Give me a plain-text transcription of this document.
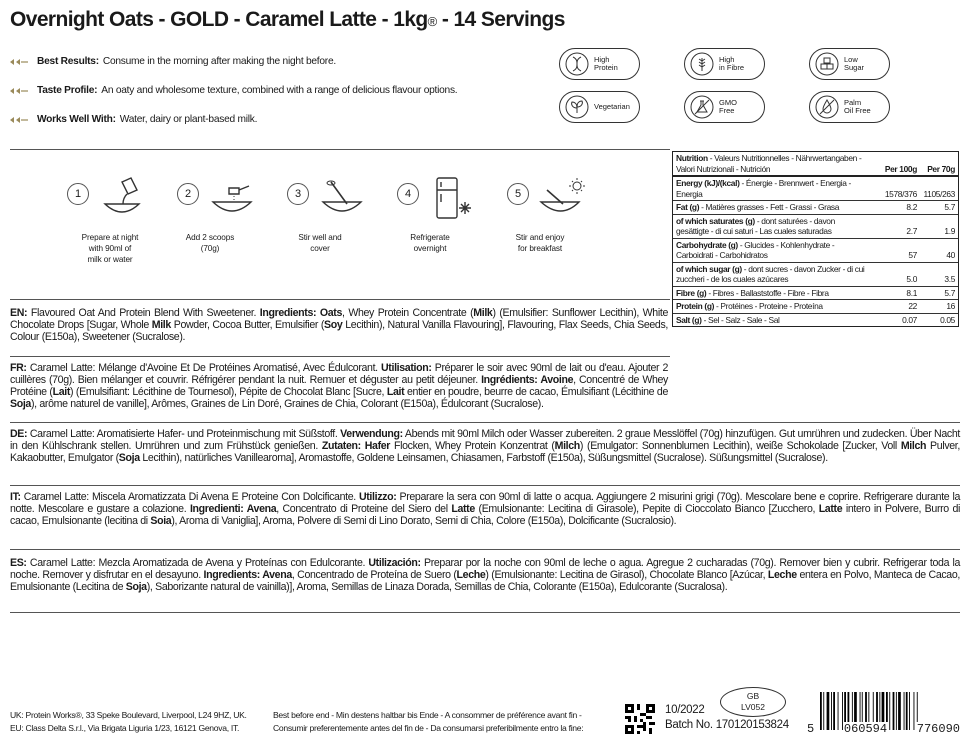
Overnight Oats - GOLD - Caramel Latte - 1kg® - 14 Servings
Best Results: Consume in the morning after making the night before.
Taste Profile: An oaty and wholesome texture, combined with a range of delicious flavour options.
Works Well With: Water, dairy or plant-based milk.
High
Protein
High
in Fibre
Low
Sugar
Vegetarian	GMO
Free
Palm
Oil Free
1
Prepare at night
with 90ml of
milk or water
2
Add 2 scoops
(70g)
3
Stir well and
cover
4
Refrigerate
overnight
5
Stir and enjoy
for breakfast
Nutrition - Valeurs Nutritionnelles - Nährwertangaben - Valori Nutrizionali - Nutrición	Per 100g	Per 70g
Energy (kJ)/(kcal) - Énergie - Brennwert - Energia - Energia	1578/376 1105/263
Fat (g) - Matières grasses - Fett - Grassi - Grasa	8.2	5.7
of which saturates (g) - dont saturées - davon gesättigte - di cui saturi - Las cuales saturadas	2.7	1.9
Carbohydrate (g) - Glucides - Kohlenhydrate - Carboidrati - Carbohidratos	57	40
of which sugar (g) - dont sucres - davon Zucker - di cui zuccheri - de los cuales azúcares	5.0	3.5
Fibre (g) - Fibres - Ballaststoffe - Fibre - Fibra	8.1	5.7
Protein (g) - Protéines - Proteine - Proteína	22	16
Salt (g) - Sel - Salz - Sale - Sal	0.07	0.05
EN: Flavoured Oat And Protein Blend With Sweetener. Ingredients: Oats, Whey Protein Concentrate (Milk) (Emulsifier: Sunflower Lecithin), White Chocolate Drops [Sugar, Whole Milk Powder, Cocoa Butter, Emulsifier (Soy Lecithin), Natural Vanilla Flavouring], Flavouring, Flax Seeds, Chia Seeds, Colour (E150a), Sweetener (Sucralose).
FR: Caramel Latte: Mélange d'Avoine Et De Protéines Aromatisé, Avec Édulcorant. Utilisation: Préparer le soir avec 90ml de lait ou d'eau. Ajouter 2 cuillères (70g). Bien mélanger et couvrir. Réfrigérer pendant la nuit. Remuer et déguster au petit déjeuner. Ingrédients: Avoine, Concentré de Whey Protéine (Lait) (Emulsifiant: Lécithine de Tournesol), Pépite de Chocolat Blanc [Sucre, Lait entier en poudre, beurre de cacao, Émulsifiant (Lécithine de Soja), arôme naturel de vanille], Arômes, Graines de Lin Doré, Graines de Chia, Colorant (E150a), Édulcorant (Sucralose).
DE: Caramel Latte: Aromatisierte Hafer- und Proteinmischung mit Süßstoff. Verwendung: Abends mit 90ml Milch oder Wasser zubereiten. 2 graue Messlöffel (70g) hinzufügen. Gut umrühren und zudecken. Über Nacht in den Kühlschrank stellen. Umrühren und zum Frühstück genießen. Zutaten: Hafer Flocken, Whey Protein Konzentrat (Milch) (Emulgator: Sonnenblumen Lecithin), weiße Schokolade [Zucker, Voll Milch Pulver, Kakaobutter, Emulgator (Soja Lecithin), natürliches Vanillearoma], Aromastoffe, Goldene Leinsamen, Chiasamen, Farbstoff (E150a), Süßungsmittel (Sucralose). Süßungsmittel (Sucralose).
IT: Caramel Latte: Miscela Aromatizzata Di Avena E Proteine Con Dolcificante. Utilizzo: Preparare la sera con 90ml di latte o acqua. Aggiungere 2 misurini grigi (70g). Mescolare bene e coprire. Refrigerare durante la notte. Mescolare e gustare a colazione. Ingredienti: Avena, Concentrato di Proteine del Siero del Latte (Emulsionante: Lecitina di Girasole), Pepite di Cioccolato Bianco [Zucchero, Latte intero in Polvere, Burro di cacao, Emulsionante (lecitina di Soia), Aroma di Vaniglia], Aroma, Polvere di Semi di Lino Dorato, Semi di Chia, Colore (E150a), Dolcificante (Sucralosio).
ES: Caramel Latte: Mezcla Aromatizada de Avena y Proteínas con Edulcorante. Utilización: Preparar por la noche con 90ml de leche o agua. Agregue 2 cucharadas (70g). Remover bien y cubrir. Refrigerar toda la noche. Remover y disfrutar en el desayuno. Ingredients: Avena, Concentrado de Proteína de Suero (Leche) (Emulsionante: Lecitina de Girasol), Chocolate Blanco [Azúcar, Leche entera en Polvo, Manteca de Cacao, Emulsionante (Lecitina de Soja), Saborizante natural de vainilla)], Aroma, Semillas de Linaza Dorada, Semillas de Chia, Colorante (E150a), Edulcorante (Sucralosa).
UK: Protein Works®, 33 Speke Boulevard, Liverpool, L24 9HZ, UK.
EU: Class Delta S.r.l., Via Brigata Liguria 1/23, 16121 Genova, IT.
Best before end - Min destens haltbar bis Ende - A consommer de préférence avant fin -
Consumir preferentemente antes del fin de - Da consumarsi preferibilmente entro la fine:
10/2022
Batch No. 170120153824
GB
LV052
5 060594 776090
